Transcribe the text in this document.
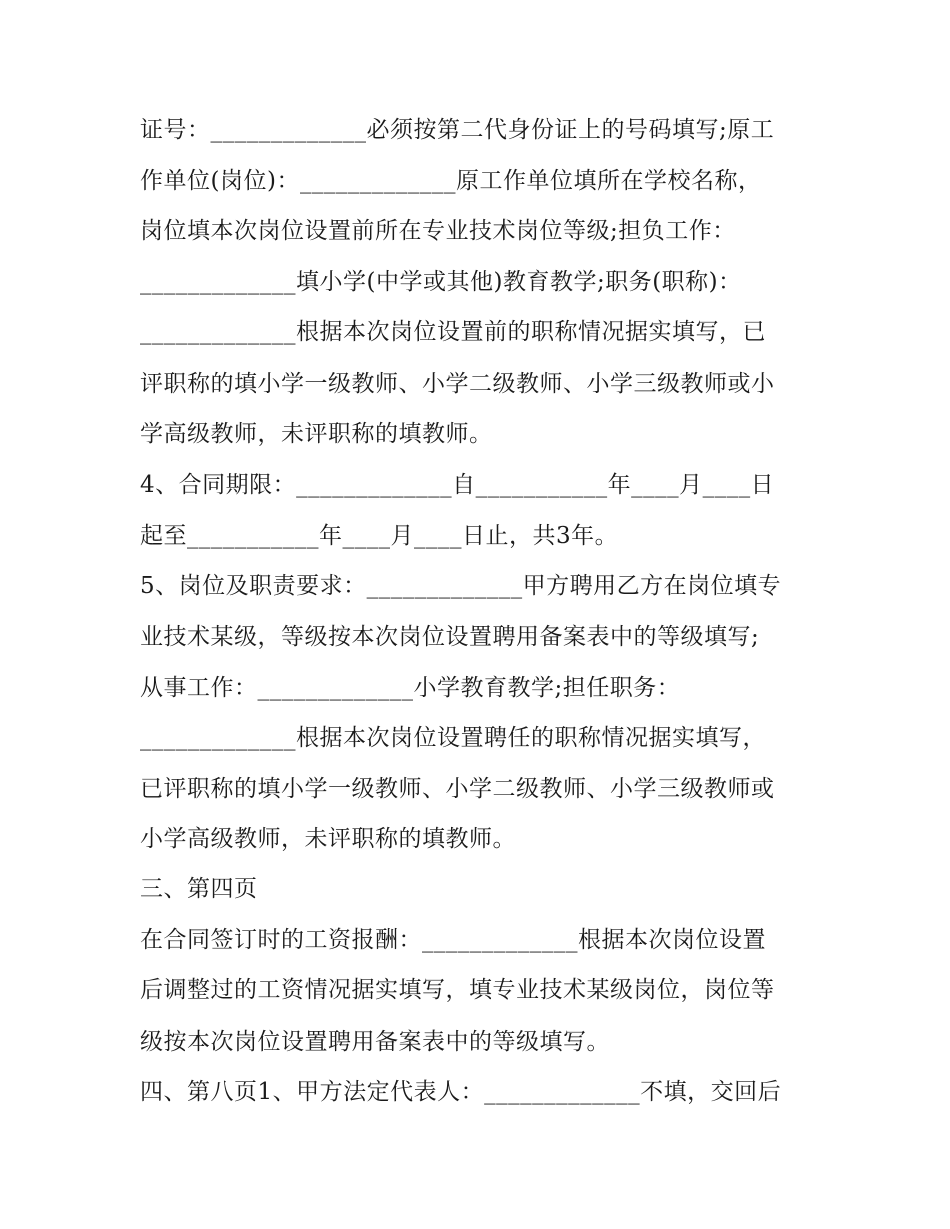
证号：_____________必须按第二代身份证上的号码填写;原工
作单位(岗位)：_____________原工作单位填所在学校名称，
岗位填本次岗位设置前所在专业技术岗位等级;担负工作：
_____________填小学(中学或其他)教育教学;职务(职称)：
_____________根据本次岗位设置前的职称情况据实填写，已
评职称的填小学一级教师、小学二级教师、小学三级教师或小
学高级教师，未评职称的填教师。
4、合同期限：_____________自___________年____月____日
起至___________年____月____日止，共3年。
5、岗位及职责要求：_____________甲方聘用乙方在岗位填专
业技术某级，等级按本次岗位设置聘用备案表中的等级填写;
从事工作：_____________小学教育教学;担任职务：
_____________根据本次岗位设置聘任的职称情况据实填写，
已评职称的填小学一级教师、小学二级教师、小学三级教师或
小学高级教师，未评职称的填教师。
三、第四页
在合同签订时的工资报酬：_____________根据本次岗位设置
后调整过的工资情况据实填写，填专业技术某级岗位，岗位等
级按本次岗位设置聘用备案表中的等级填写。
四、第八页1、甲方法定代表人：_____________不填，交回后
